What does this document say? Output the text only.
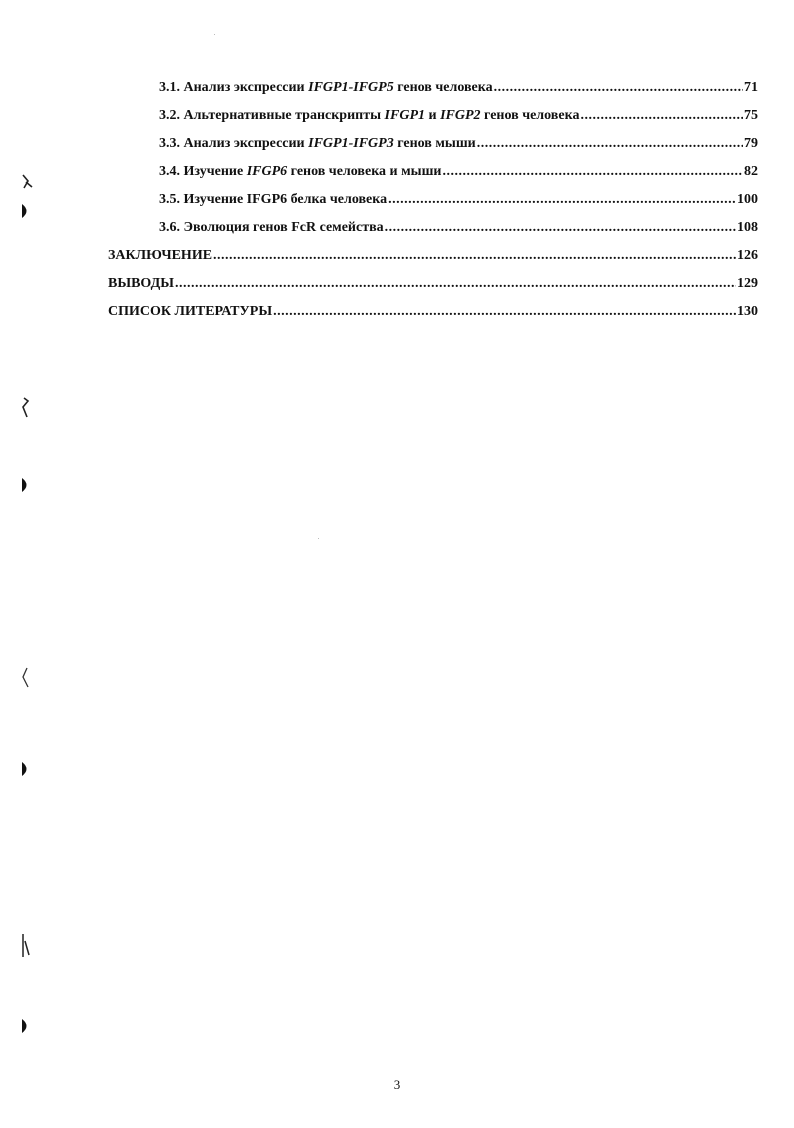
3.1. Анализ экспрессии IFGP1-IFGP5 генов человека .....	71
3.2. Альтернативные транскрипты IFGP1 и IFGP2 генов человека .....	75
3.3. Анализ экспрессии IFGP1-IFGP3 генов мыши .....	79
3.4. Изучение IFGP6 генов человека и мыши .....	82
3.5. Изучение IFGP6 белка человека .....	100
3.6. Эволюция генов FcR семейства .....	108
ЗАКЛЮЧЕНИЕ .....	126
ВЫВОДЫ .....	129
СПИСОК ЛИТЕРАТУРЫ .....	130
3
